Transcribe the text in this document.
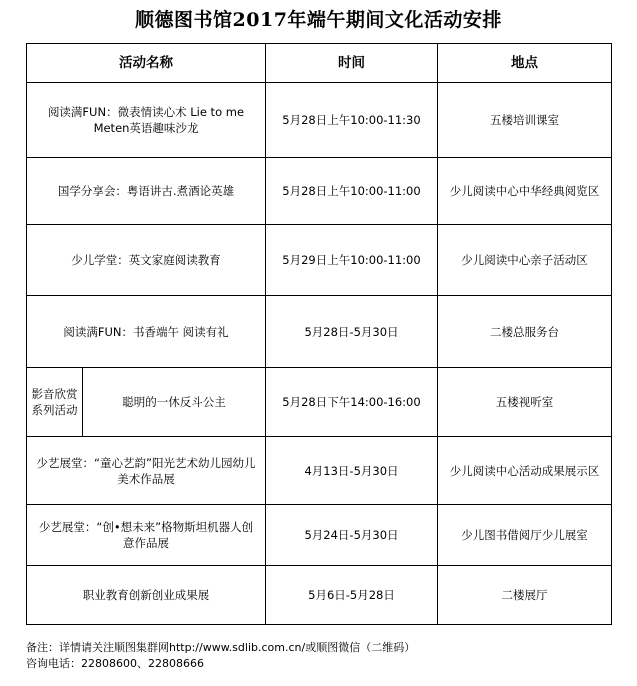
顺德图书馆2017年端午期间文化活动安排
活动名称		时间	地点
阅读满FUN：微表情读心术 Lie to me Meten英语趣味沙龙		5月28日上午10:00-11:30	五楼培训课室
国学分享会：粤语讲古.煮酒论英雄		5月28日上午10:00-11:00	少儿阅读中心中华经典阅览区
少儿学堂：英文家庭阅读教育		5月29日上午10:00-11:00	少儿阅读中心亲子活动区
阅读满FUN：书香端午 阅读有礼		5月28日-5月30日	二楼总服务台
影音欣赏系列活动	聪明的一休反斗公主	5月28日下午14:00-16:00	五楼视听室
少艺展堂：“童心艺韵”阳光艺术幼儿园幼儿美术作品展		4月13日-5月30日	少儿阅读中心活动成果展示区
少艺展堂：“创•想未来”格物斯坦机器人创意作品展		5月24日-5月30日	少儿图书借阅厅少儿展室
职业教育创新创业成果展		5月6日-5月28日	二楼展厅
备注：详情请关注顺图集群网http://www.sdlib.com.cn/或顺图微信（二维码）
咨询电话：22808600、22808666
